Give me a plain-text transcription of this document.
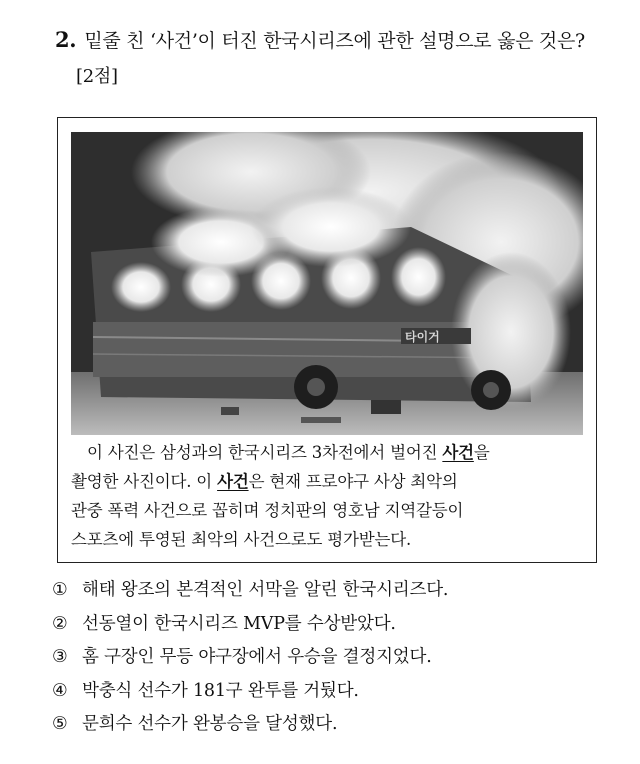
2. 밑줄 친 ‘사건’이 터진 한국시리즈에 관한 설명으로 옳은 것은?
[2점]
타이거
이 사진은 삼성과의 한국시리즈 3차전에서 벌어진 사건을
촬영한 사진이다. 이 사건은 현재 프로야구 사상 최악의
관중 폭력 사건으로 꼽히며 정치판의 영호남 지역갈등이
스포츠에 투영된 최악의 사건으로도 평가받는다.
① 해태 왕조의 본격적인 서막을 알린 한국시리즈다.
② 선동열이 한국시리즈 MVP를 수상받았다.
③ 홈 구장인 무등 야구장에서 우승을 결정지었다.
④ 박충식 선수가 181구 완투를 거뒀다.
⑤ 문희수 선수가 완봉승을 달성했다.
